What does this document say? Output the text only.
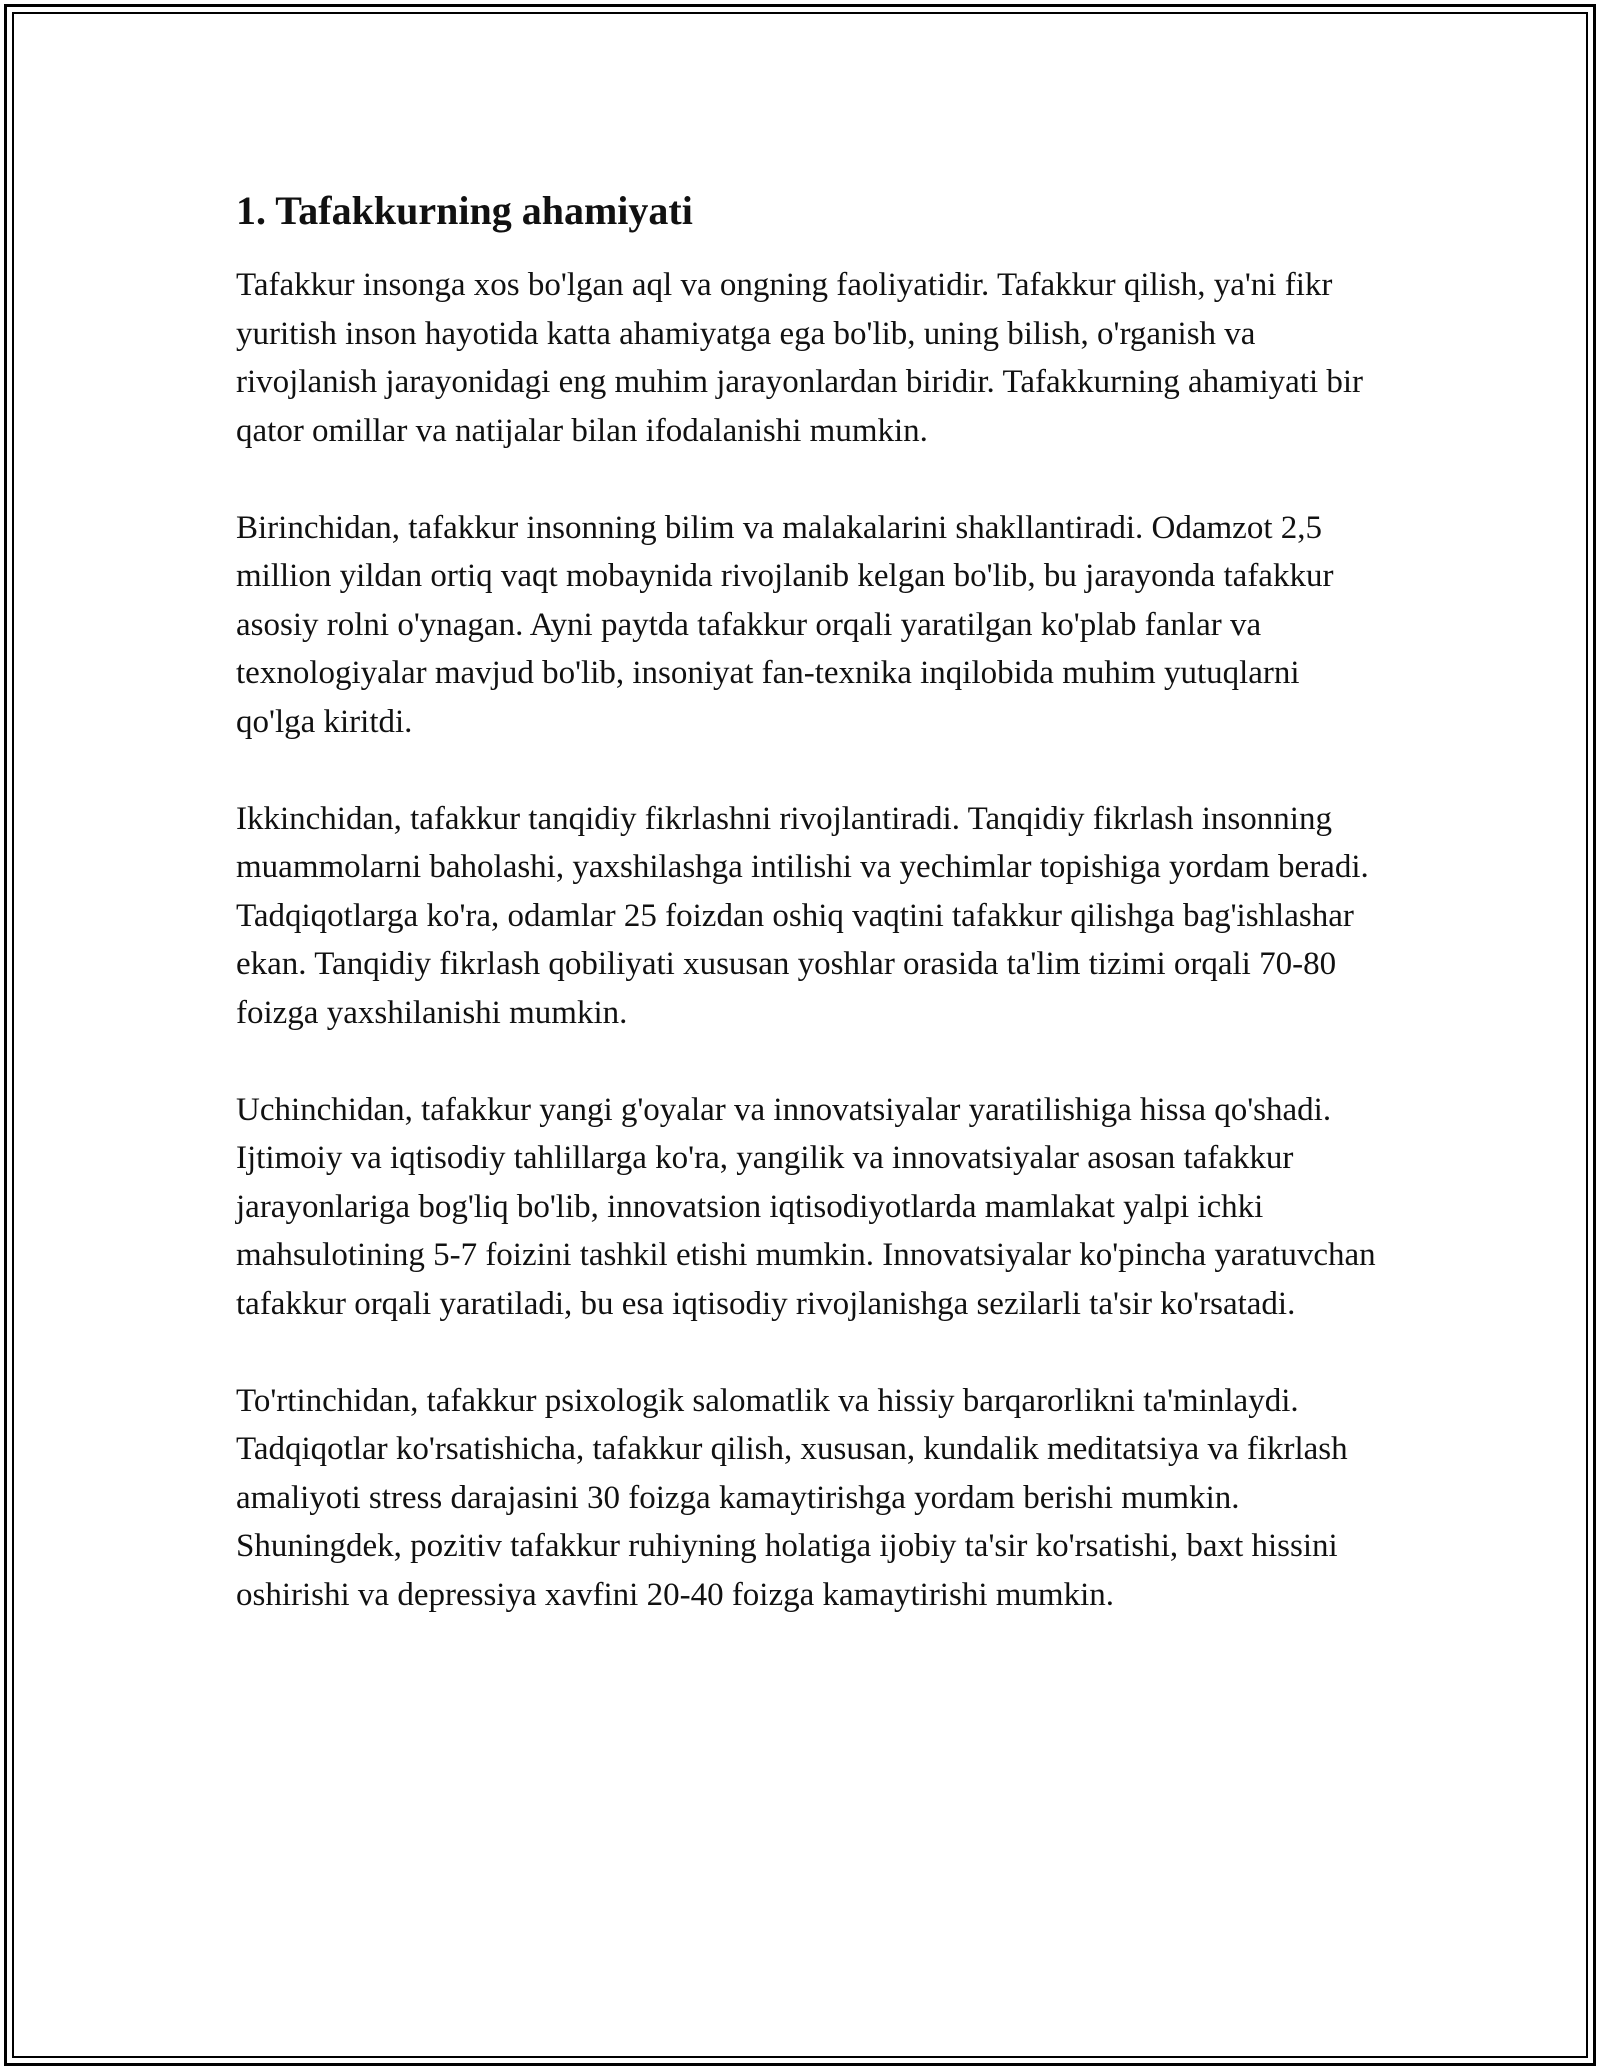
1. Tafakkurning ahamiyati

Tafakkur insonga xos bo'lgan aql va ongning faoliyatidir. Tafakkur qilish, ya'ni fikr yuritish inson hayotida katta ahamiyatga ega bo'lib, uning bilish, o'rganish va rivojlanish jarayonidagi eng muhim jarayonlardan biridir. Tafakkurning ahamiyati bir qator omillar va natijalar bilan ifodalanishi mumkin.

Birinchidan, tafakkur insonning bilim va malakalarini shakllantiradi. Odamzot 2,5 million yildan ortiq vaqt mobaynida rivojlanib kelgan bo'lib, bu jarayonda tafakkur asosiy rolni o'ynagan. Ayni paytda tafakkur orqali yaratilgan ko'plab fanlar va texnologiyalar mavjud bo'lib, insoniyat fan-texnika inqilobida muhim yutuqlarni qo'lga kiritdi.

Ikkinchidan, tafakkur tanqidiy fikrlashni rivojlantiradi. Tanqidiy fikrlash insonning muammolarni baholashi, yaxshilashga intilishi va yechimlar topishiga yordam beradi. Tadqiqotlarga ko'ra, odamlar 25 foizdan oshiq vaqtini tafakkur qilishga bag'ishlashar ekan. Tanqidiy fikrlash qobiliyati xususan yoshlar orasida ta'lim tizimi orqali 70-80 foizga yaxshilanishi mumkin.

Uchinchidan, tafakkur yangi g'oyalar va innovatsiyalar yaratilishiga hissa qo'shadi. Ijtimoiy va iqtisodiy tahlillarga ko'ra, yangilik va innovatsiyalar asosan tafakkur jarayonlariga bog'liq bo'lib, innovatsion iqtisodiyotlarda mamlakat yalpi ichki mahsulotining 5-7 foizini tashkil etishi mumkin. Innovatsiyalar ko'pincha yaratuvchan tafakkur orqali yaratiladi, bu esa iqtisodiy rivojlanishga sezilarli ta'sir ko'rsatadi.

To'rtinchidan, tafakkur psixologik salomatlik va hissiy barqarorlikni ta'minlaydi. Tadqiqotlar ko'rsatishicha, tafakkur qilish, xususan, kundalik meditatsiya va fikrlash amaliyoti stress darajasini 30 foizga kamaytirishga yordam berishi mumkin. Shuningdek, pozitiv tafakkur ruhiyning holatiga ijobiy ta'sir ko'rsatishi, baxt hissini oshirishi va depressiya xavfini 20-40 foizga kamaytirishi mumkin.
